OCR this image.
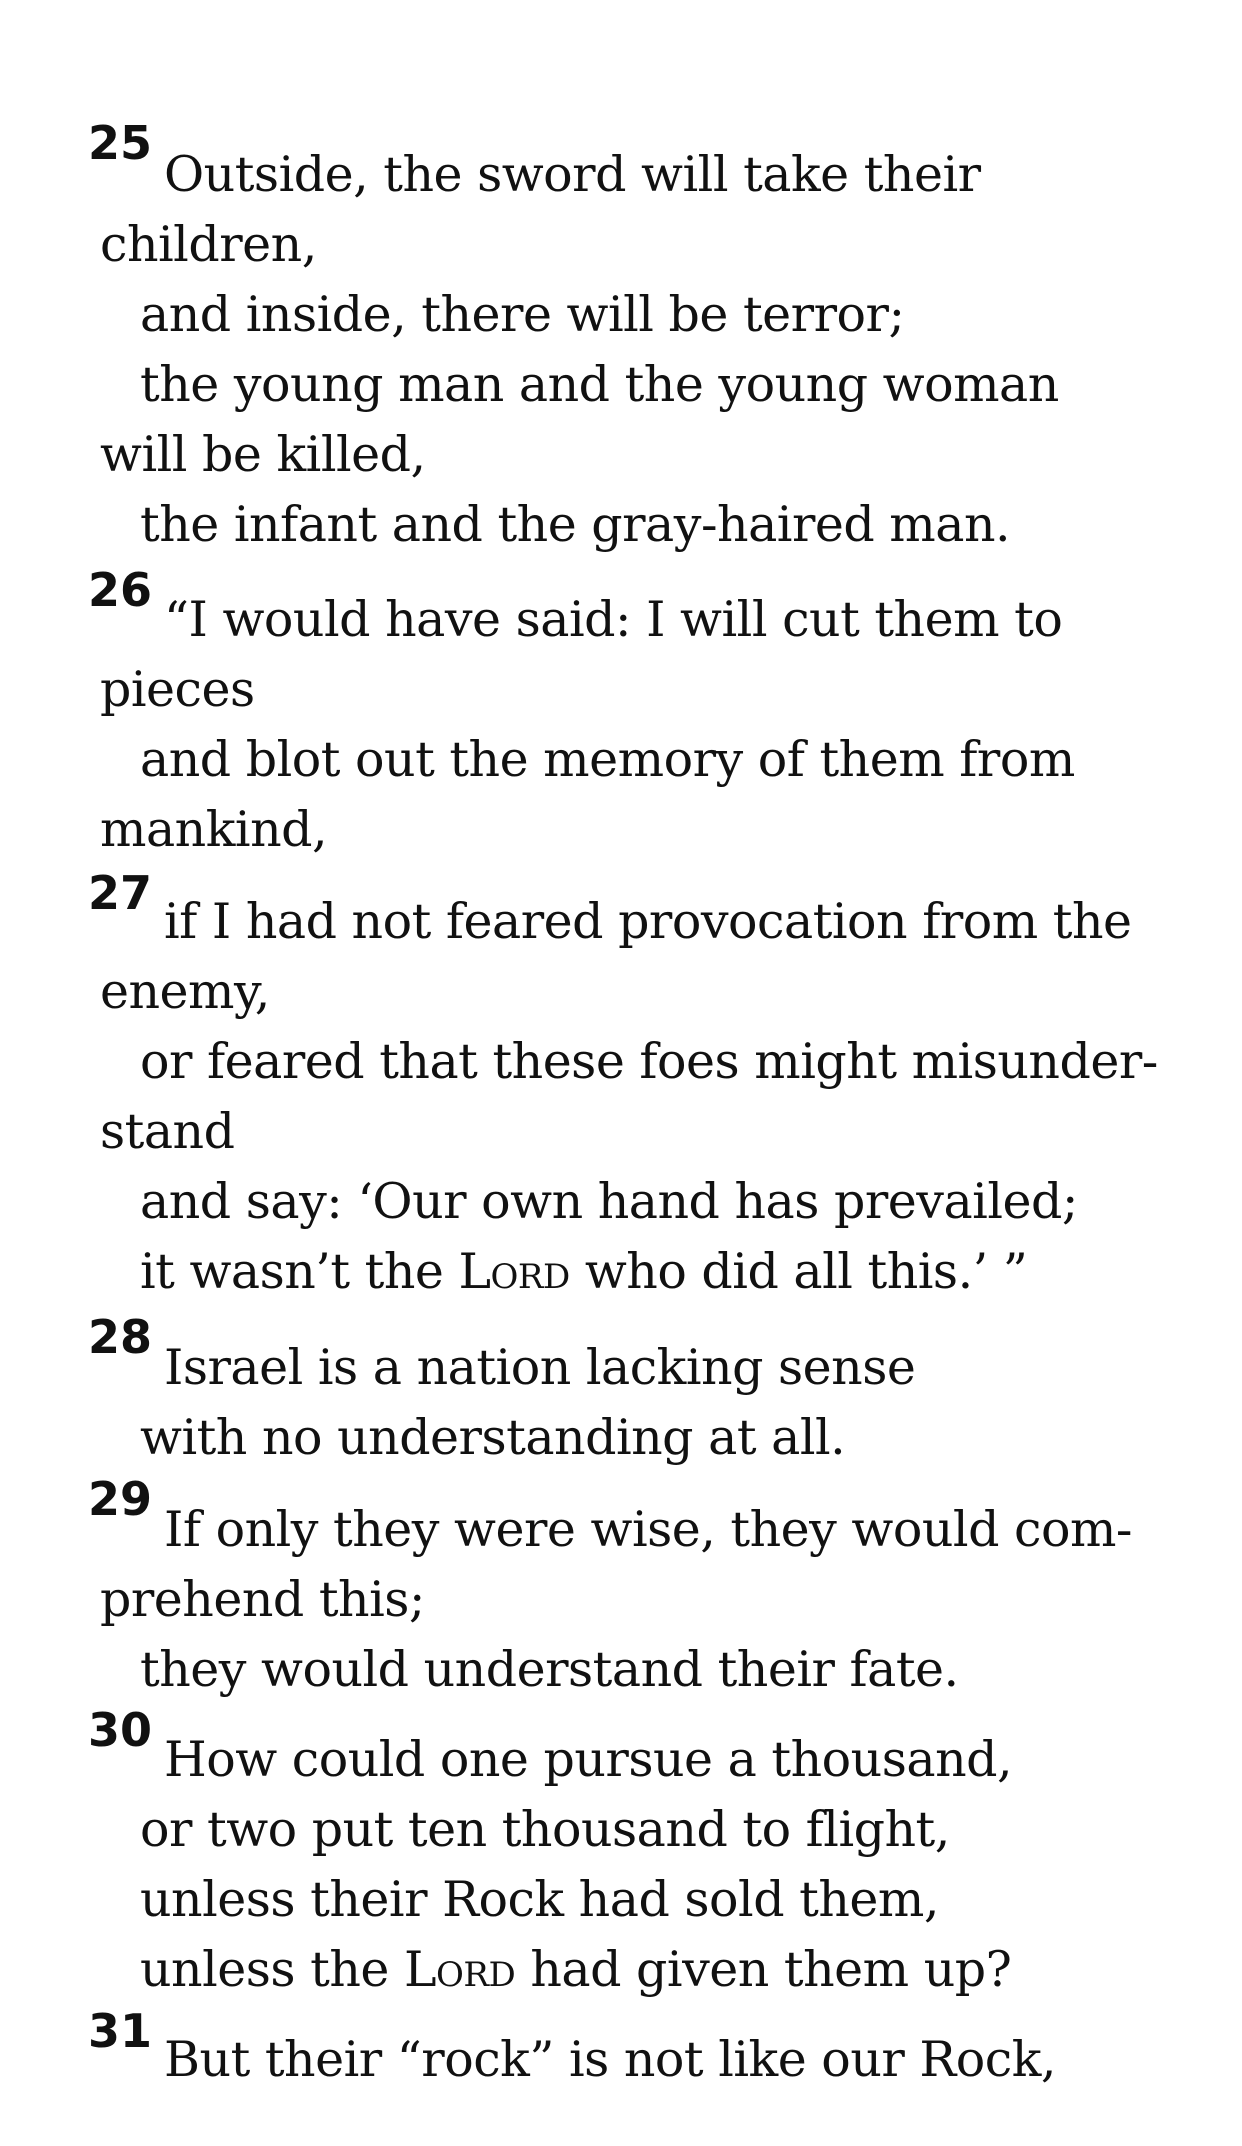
25
Outside, the sword will take their
children,
and inside, there will be terror;
the young man and the young woman
will be killed,
the infant and the gray-haired man.
26
“I would have said: I will cut them to
pieces
and blot out the memory of them from
mankind,
27 if I had not feared provocation from the
enemy,
or feared that these foes might misunder-
stand
and say: ‘Our own hand has prevailed;
it wasn’t the Lord who did all this.’ ”
28
Israel is a nation lacking sense
with no understanding at all.
29
If only they were wise, they would com-
prehend this;
they would understand their fate.
30
How could one pursue a thousand,
or two put ten thousand to flight,
unless their Rock had sold them,
unless the Lord had given them up?
31 But their “rock” is not like our Rock,
